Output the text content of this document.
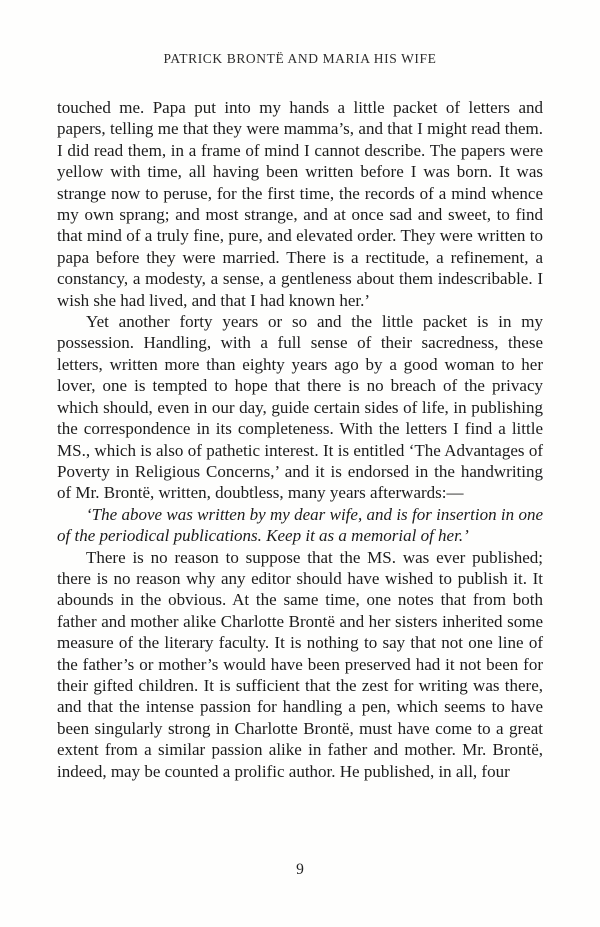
PATRICK BRONTË AND MARIA HIS WIFE

touched me. Papa put into my hands a little packet of letters and papers, telling me that they were mamma’s, and that I might read them. I did read them, in a frame of mind I cannot describe. The papers were yellow with time, all having been written before I was born. It was strange now to peruse, for the first time, the records of a mind whence my own sprang; and most strange, and at once sad and sweet, to find that mind of a truly fine, pure, and elevated order. They were written to papa before they were married. There is a rectitude, a refinement, a constancy, a modesty, a sense, a gentleness about them indescribable. I wish she had lived, and that I had known her.’

Yet another forty years or so and the little packet is in my possession. Handling, with a full sense of their sacredness, these letters, written more than eighty years ago by a good woman to her lover, one is tempted to hope that there is no breach of the privacy which should, even in our day, guide certain sides of life, in publishing the correspondence in its completeness. With the letters I find a little MS., which is also of pathetic interest. It is entitled ‘The Advantages of Poverty in Religious Concerns,’ and it is endorsed in the handwriting of Mr. Brontë, written, doubtless, many years afterwards:—

‘The above was written by my dear wife, and is for insertion in one of the periodical publications. Keep it as a memorial of her.’

There is no reason to suppose that the MS. was ever published; there is no reason why any editor should have wished to publish it. It abounds in the obvious. At the same time, one notes that from both father and mother alike Charlotte Brontë and her sisters inherited some measure of the literary faculty. It is nothing to say that not one line of the father’s or mother’s would have been preserved had it not been for their gifted children. It is sufficient that the zest for writing was there, and that the intense passion for handling a pen, which seems to have been singularly strong in Charlotte Brontë, must have come to a great extent from a similar passion alike in father and mother. Mr. Brontë, indeed, may be counted a prolific author. He published, in all, four

9
